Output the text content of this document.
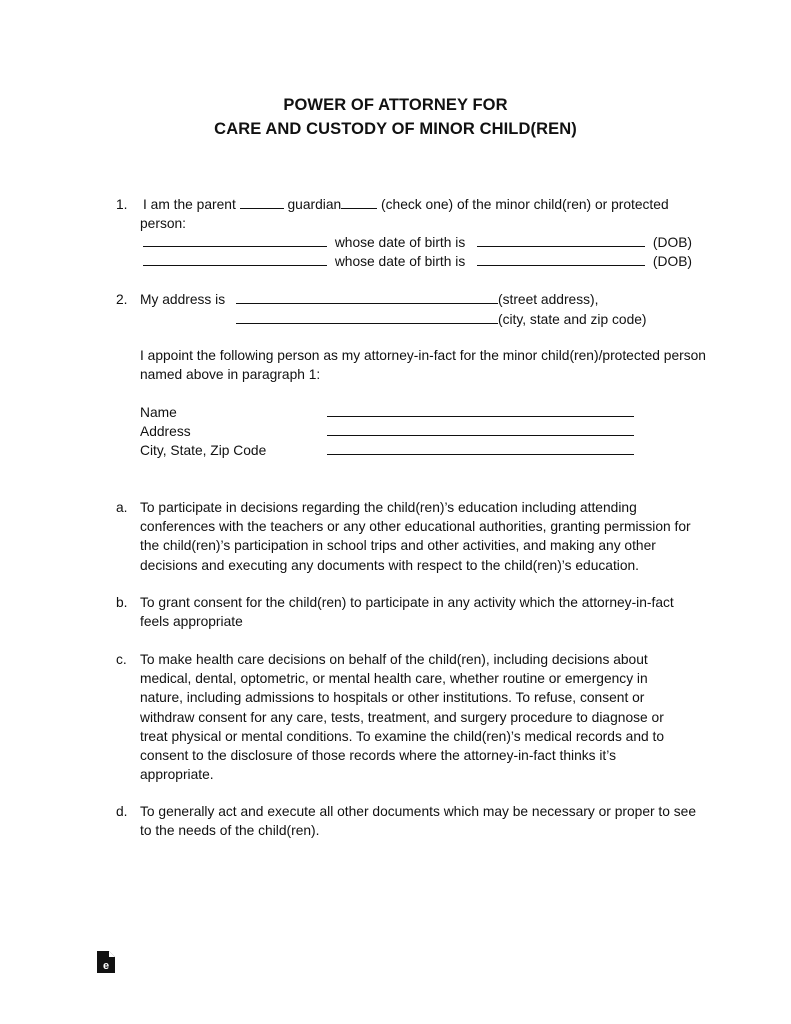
POWER OF ATTORNEY FOR
CARE AND CUSTODY OF MINOR CHILD(REN)
1. I am the parent	guardian	(check one) of the minor child(ren) or protected
person:
whose date of birth is	(DOB)
whose date of birth is	(DOB)
2. My address is	(street address),
(city, state and zip code)
I appoint the following person as my attorney-in-fact for the minor child(ren)/protected person named above in paragraph 1:
Name
Address
City, State, Zip Code
a. To participate in decisions regarding the child(ren)’s education including attending conferences with the teachers or any other educational authorities, granting permission for the child(ren)’s participation in school trips and other activities, and making any other decisions and executing any documents with respect to the child(ren)’s education.
b. To grant consent for the child(ren) to participate in any activity which the attorney-in-fact feels appropriate
c. To make health care decisions on behalf of the child(ren), including decisions about medical, dental, optometric, or mental health care, whether routine or emergency in nature, including admissions to hospitals or other institutions. To refuse, consent or withdraw consent for any care, tests, treatment, and surgery procedure to diagnose or treat physical or mental conditions. To examine the child(ren)’s medical records and to consent to the disclosure of those records where the attorney-in-fact thinks it’s appropriate.
d. To generally act and execute all other documents which may be necessary or proper to see to the needs of the child(ren).
e
